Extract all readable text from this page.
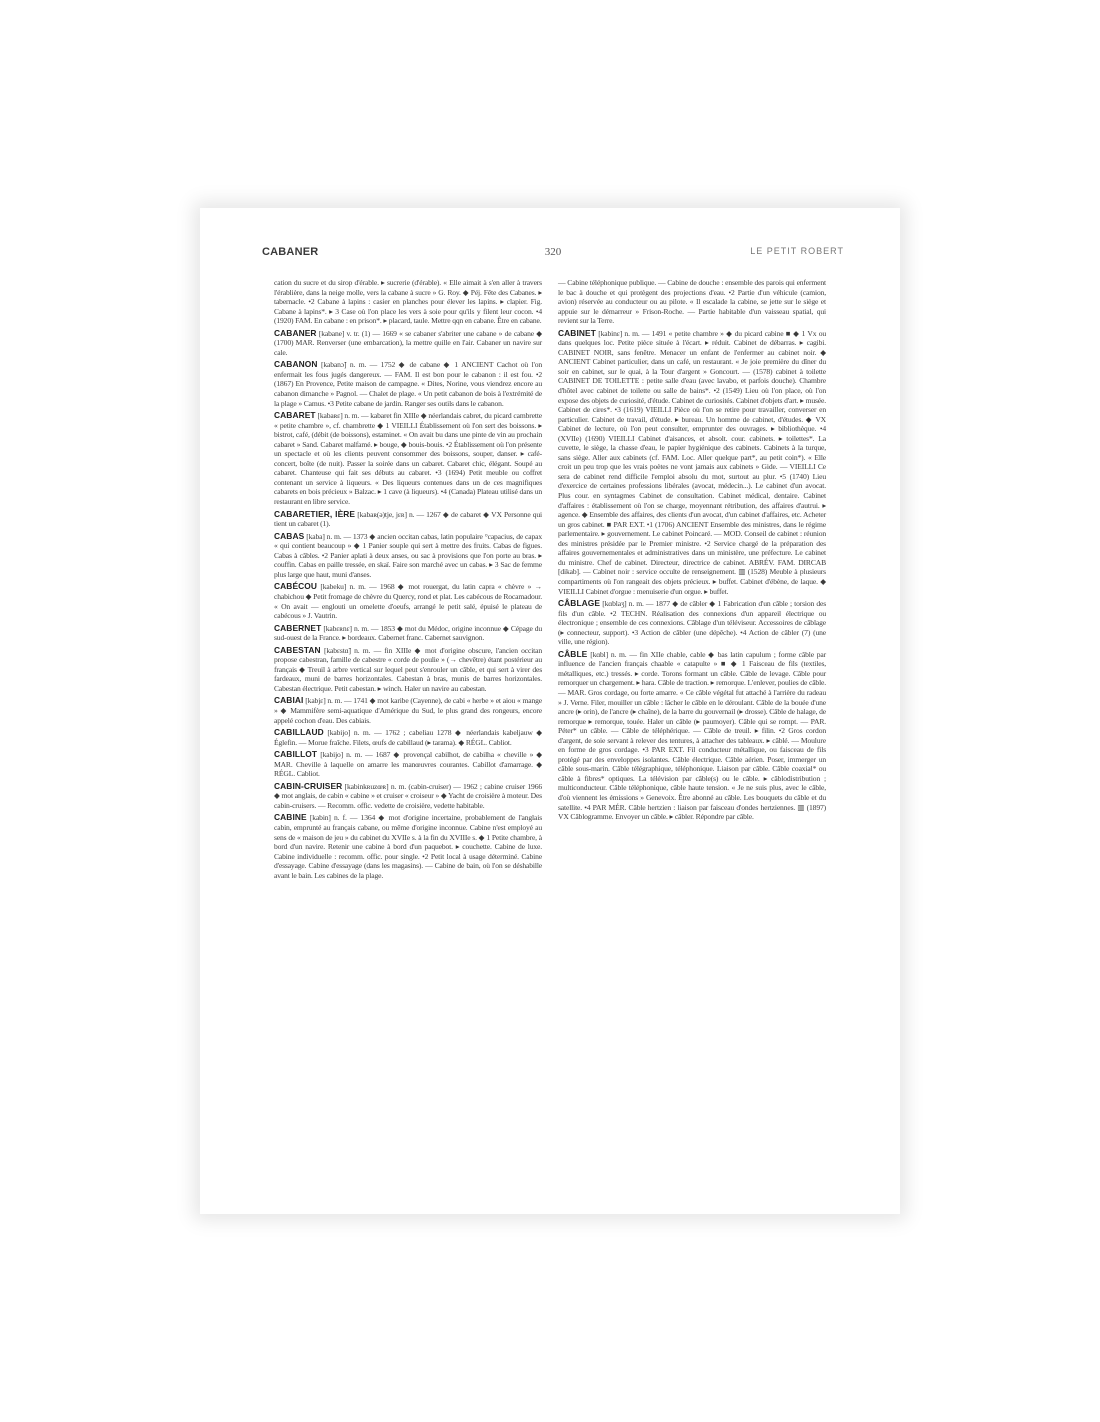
320
CABANER	LE PETIT ROBERT

cation du sucre et du sirop d'érable. ▸ sucrerie (d'érable). « Elle aimait à s'en aller à travers l'érablière, dans la neige molle, vers la cabane à sucre » G. Roy. ◆ Péj. Fête des Cabanes. ▸ tabernacle. •2 Cabane à lapins : casier en planches pour élever les lapins. ▸ clapier. Fig. Cabane à lapins*. ▸ 3 Case où l'on place les vers à soie pour qu'ils y filent leur cocon. •4 (1920) FAM. En cabane : en prison*. ▸ placard, taule. Mettre qqn en cabane. Être en cabane.

CABANER [kabane] v. tr. (1) — 1669 « se cabaner s'abriter une cabane » de cabane ◆ (1700) MAR. Renverser (une embarcation), la mettre quille en l'air. Cabaner un navire sur cale.

CABANON [kabanɔ̃] n. m. — 1752 ◆ de cabane ◆ 1 ANCIENT Cachot où l'on enfermait les fous jugés dangereux. — FAM. Il est bon pour le cabanon : il est fou. •2 (1867) En Provence, Petite maison de campagne. « Dites, Norine, vous viendrez encore au cabanon dimanche » Pagnol. — Chalet de plage. « Un petit cabanon de bois à l'extrémité de la plage » Camus. •3 Petite cabane de jardin. Ranger ses outils dans le cabanon.

CABARET [kabaʀɛ] n. m. — kabaret fin XIIIe ◆ néerlandais cabret, du picard cambrette « petite chambre », cf. chambrette ◆ 1 VIEILLI Établissement où l'on sert des boissons. ▸ bistrot, café, (débit (de boissons), estaminet. « On avait bu dans une pinte de vin au prochain cabaret » Sand. Cabaret malfamé. ▸ bouge, ◆ bouis-bouis. •2 Établissement où l'on présente un spectacle et où les clients peuvent consommer des boissons, souper, danser. ▸ café-concert, boîte (de nuit). Passer la soirée dans un cabaret. Cabaret chic, élégant. Soupé au cabaret. Chanteuse qui fait ses débuts au cabaret. •3 (1694) Petit meuble ou coffret contenant un service à liqueurs. « Des liqueurs contenues dans un de ces magnifiques cabarets en bois précieux » Balzac. ▸ 1 cave (à liqueurs). •4 (Canada) Plateau utilisé dans un restaurant en libre service.

CABARETIER, IÈRE [kabaʀ(ə)tje, jɛʀ] n. — 1267 ◆ de cabaret ◆ VX Personne qui tient un cabaret (1).

CABAS [kaba] n. m. — 1373 ◆ ancien occitan cabas, latin populaire °capacius, de capax « qui contient beaucoup » ◆ 1 Panier souple qui sert à mettre des fruits. Cabas de figues. Cabas à câbles. •2 Panier aplati à deux anses, ou sac à provisions que l'on porte au bras. ▸ couffin. Cabas en paille tressée, en skaï. Faire son marché avec un cabas. ▸ 3 Sac de femme plus large que haut, muni d'anses.

CABÉCOU [kabeku] n. m. — 1968 ◆ mot rouergat, du latin capra « chèvre » → chabichou ◆ Petit fromage de chèvre du Quercy, rond et plat. Les cabécous de Rocamadour. « On avait — englouti un omelette d'oeufs, arrangé le petit salé, épuisé le plateau de cabécous » J. Vautrin.

CABERNET [kabɛʀnɛ] n. m. — 1853 ◆ mot du Médoc, origine inconnue ◆ Cépage du sud-ouest de la France. ▸ bordeaux. Cabernet franc. Cabernet sauvignon.

CABESTAN [kabɛstɑ̃] n. m. — fin XIIIe ◆ mot d'origine obscure, l'ancien occitan propose cabestran, famille de cabestre « corde de poulie » (→ chevêtre) étant postérieur au français ◆ Treuil à arbre vertical sur lequel peut s'enrouler un câble, et qui sert à virer des fardeaux, muni de barres horizontales. Cabestan à bras, munis de barres horizontales. Cabestan électrique. Petit cabestan. ▸ winch. Haler un navire au cabestan.

CABIAI [kabjɛ] n. m. — 1741 ◆ mot karibe (Cayenne), de cabi « herbe » et aiou « mange » ◆ Mammifère semi-aquatique d'Amérique du Sud, le plus grand des rongeurs, encore appelé cochon d'eau. Des cabiais.

CABILLAUD [kabijo] n. m. — 1762 ; cabeliau 1278 ◆ néerlandais kabeljauw ◆ Églefin. — Morue fraîche. Filets, œufs de cabillaud (▸ tarama). ◆ RÉGL. Cabliot.

CABILLOT [kabijo] n. m. — 1687 ◆ provençal cabilhot, de cabilha « cheville » ◆ MAR. Cheville à laquelle on amarre les manœuvres courantes. Cabillot d'amarrage. ◆ RÉGL. Cabliot.

CABIN-CRUISER [kabinkʀuzœʀ] n. m. (cabin-cruiser) — 1962 ; cabine cruiser 1966 ◆ mot anglais, de cabin « cabine » et cruiser « croiseur » ◆ Yacht de croisière à moteur. Des cabin-cruisers. — Recomm. offic. vedette de croisière, vedette habitable.

CABINE [kabin] n. f. — 1364 ◆ mot d'origine incertaine, probablement de l'anglais cabin, emprunté au français cabane, ou même d'origine inconnue. Cabine n'est employé au sens de « maison de jeu » du cabinet du XVIIe s. à la fin du XVIIIe s. ◆ 1 Petite chambre, à bord d'un navire. Retenir une cabine à bord d'un paquebot. ▸ couchette. Cabine de luxe. Cabine individuelle : recomm. offic. pour single. •2 Petit local à usage déterminé. Cabine d'essayage. Cabine d'essayage (dans les magasins). — Cabine de bain, où l'on se déshabille avant le bain. Les cabines de la plage.

— Cabine téléphonique publique. — Cabine de douche : ensemble des parois qui enferment le bac à douche et qui protègent des projections d'eau. •2 Partie d'un véhicule (camion, avion) réservée au conducteur ou au pilote. « Il escalade la cabine, se jette sur le siège et appuie sur le démarreur » Frison-Roche. — Partie habitable d'un vaisseau spatial, qui revient sur la Terre.

CABINET [kabinɛ] n. m. — 1491 « petite chambre » ◆ du picard cabine ■ ◆ 1 Vx ou dans quelques loc. Petite pièce située à l'écart. ▸ réduit. Cabinet de débarras. ▸ cagibi. CABINET NOIR, sans fenêtre. Menacer un enfant de l'enfermer au cabinet noir. ◆ ANCIENT Cabinet particulier, dans un café, un restaurant. « Je joie première du dîner du soir en cabinet, sur le quai, à la Tour d'argent » Goncourt. — (1578) cabinet à toilette CABINET DE TOILETTE : petite salle d'eau (avec lavabo, et parfois douche). Chambre d'hôtel avec cabinet de toilette ou salle de bains*. •2 (1549) Lieu où l'on place, où l'on expose des objets de curiosité, d'étude. Cabinet de curiosités. Cabinet d'objets d'art. ▸ musée. Cabinet de cires*. •3 (1619) VIEILLI Pièce où l'on se retire pour travailler, converser en particulier. Cabinet de travail, d'étude. ▸ bureau. Un homme de cabinet, d'études. ◆ VX Cabinet de lecture, où l'on peut consulter, emprunter des ouvrages. ▸ bibliothèque. •4 (XVIIe) (1690) VIEILLI Cabinet d'aisances, et absolt. cour. cabinets. ▸ toilettes*. La cuvette, le siège, la chasse d'eau, le papier hygiénique des cabinets. Cabinets à la turque, sans siège. Aller aux cabinets (cf. FAM. Loc. Aller quelque part*, au petit coin*). « Elle croit un peu trop que les vrais poètes ne vont jamais aux cabinets » Gide. — VIEILLI Ce sera de cabinet rend difficile l'emploi absolu du mot, surtout au plur. •5 (1740) Lieu d'exercice de certaines professions libérales (avocat, médecin...). Le cabinet d'un avocat. Plus cour. en syntagmes Cabinet de consultation. Cabinet médical, dentaire. Cabinet d'affaires : établissement où l'on se charge, moyennant rétribution, des affaires d'autrui. ▸ agence. ◆ Ensemble des affaires, des clients d'un avocat, d'un cabinet d'affaires, etc. Acheter un gros cabinet. ■ PAR EXT. •1 (1706) ANCIENT Ensemble des ministres, dans le régime parlementaire. ▸ gouvernement. Le cabinet Poincaré. — MOD. Conseil de cabinet : réunion des ministres présidée par le Premier ministre. •2 Service chargé de la préparation des affaires gouvernementales et administratives dans un ministère, une préfecture. Le cabinet du ministre. Chef de cabinet. Directeur, directrice de cabinet. ABRÉV. FAM. DIRCAB [dikab]. — Cabinet noir : service occulte de renseignement. ▥ (1528) Meuble à plusieurs compartiments où l'on rangeait des objets précieux. ▸ buffet. Cabinet d'ébène, de laque. ◆ VIEILLI Cabinet d'orgue : menuiserie d'un orgue. ▸ buffet.

CÂBLAGE [kɑblaʒ] n. m. — 1877 ◆ de câbler ◆ 1 Fabrication d'un câble ; torsion des fils d'un câble. •2 TECHN. Réalisation des connexions d'un appareil électrique ou électronique ; ensemble de ces connexions. Câblage d'un téléviseur. Accessoires de câblage (▸ connecteur, support). •3 Action de câbler (une dépêche). •4 Action de câbler (7) (une ville, une région).

CÂBLE [kɑbl] n. m. — fin XIIe chable, cable ◆ bas latin capulum ; forme câble par influence de l'ancien français chaable « catapulte » ■ ◆ 1 Faisceau de fils (textiles, métalliques, etc.) tressés. ▸ corde. Torons formant un câble. Câble de levage. Câble pour remorquer un chargement. ▸ hara. Câble de traction. ▸ remorque. L'enlever, poulies de câble. — MAR. Gros cordage, ou forte amarre. « Ce câble végétal fut attaché à l'arrière du radeau » J. Verne. Filer, mouiller un câble : lâcher le câble en le déroulant. Câble de la bouée d'une ancre (▸ orin), de l'ancre (▸ chaîne), de la barre du gouvernail (▸ drosse). Câble de halage, de remorque ▸ remorque, touée. Haler un câble (▸ paumoyer). Câble qui se rompt. — PAR. Péter* un câble. — Câble de téléphérique. — Câble de treuil. ▸ filin. •2 Gros cordon d'argent, de soie servant à relever des tentures, à attacher des tableaux. ▸ câblé. — Moulure en forme de gros cordage. •3 PAR EXT. Fil conducteur métallique, ou faisceau de fils protégé par des enveloppes isolantes. Câble électrique. Câble aérien. Poser, immerger un câble sous-marin. Câble télégraphique, téléphonique. Liaison par câble. Câble coaxial* ou câble à fibres* optiques. La télévision par câble(s) ou le câble. ▸ câblodistribution ; multiconducteur. Câble téléphonique, câble haute tension. « Je ne suis plus, avec le câble, d'où viennent les émissions » Genevoix. Être abonné au câble. Les bouquets du câble et du satellite. •4 PAR MÉR. Câble hertzien : liaison par faisceau d'ondes hertziennes. ▥ (1897) VX Câblogramme. Envoyer un câble. ▸ câbler. Répondre par câble.
